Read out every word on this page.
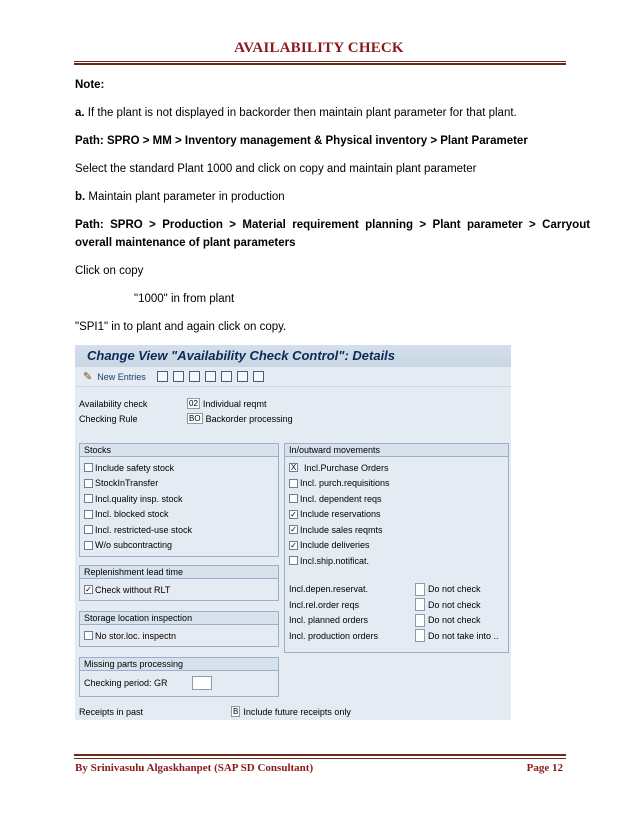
AVAILABILITY CHECK
Note:
a. If the plant is not displayed in backorder then maintain plant parameter for that plant.
Path: SPRO > MM > Inventory management & Physical inventory > Plant Parameter
Select the standard Plant 1000 and click on copy and maintain plant parameter
b. Maintain plant parameter in production
Path:  SPRO  >  Production  >  Material  requirement  planning  >  Plant  parameter  >  Carryout
overall maintenance of plant parameters
Click on copy
"1000" in from plant
"SPI1" in to plant and again click on copy.
Change View "Availability Check Control": Details
✎ New Entries
Availability check	02 Individual reqmt
Checking Rule	BO Backorder processing
Stocks
Include safety stock
StockInTransfer
Incl.quality insp. stock
Incl. blocked stock
Incl. restricted-use stock
W/o subcontracting
In/outward movements
X Incl.Purchase Orders
Incl. purch.requisitions
Incl. dependent reqs
✓ Include reservations
✓ Include sales reqmts
✓ Include deliveries
Incl.ship.notificat.
Incl.depen.reservat.	Do not check
Incl.rel.order reqs	Do not check
Incl. planned orders	Do not check
Incl. production orders	Do not take into ..
Replenishment lead time
✓ Check without RLT
Storage location inspection
No stor.loc. inspectn
Missing parts processing
Checking period: GR
Receipts in past	B Include future receipts only
By Srinivasulu Algaskhanpet (SAP SD Consultant)	Page 12
